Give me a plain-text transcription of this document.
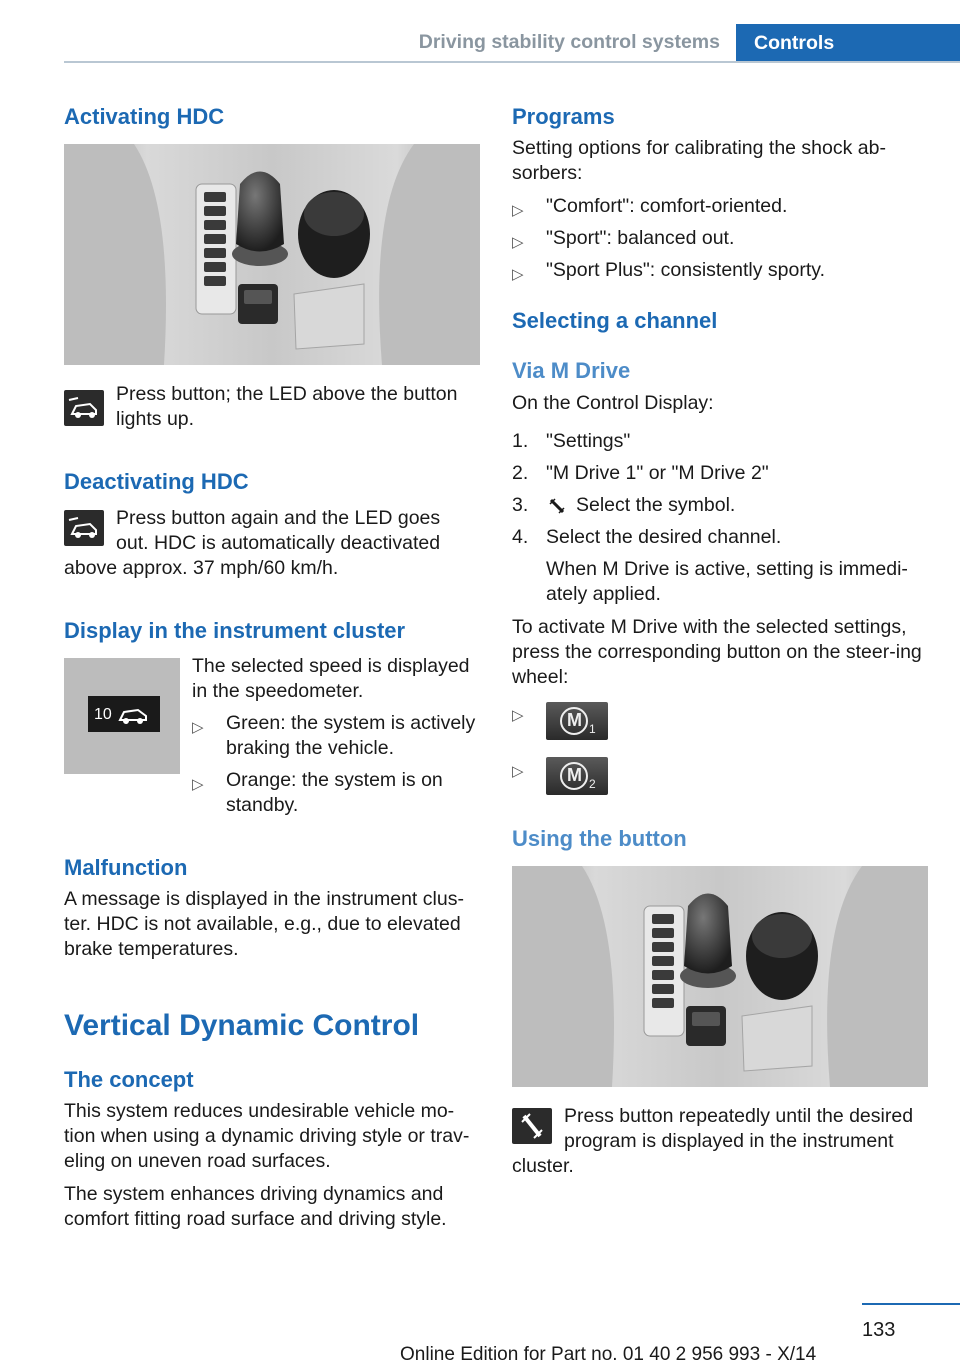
Driving stability control systems Controls
Activating HDC

Press button; the LED above the button lights up.

Deactivating HDC

Press button again and the LED goes

out. HDC is automatically deactivated

above approx. 37 mph/60 km/h.

Display in the instrument cluster
10

The selected speed is displayed in the speedometer.

▷ Green: the system is actively braking the vehicle.

▷ Orange: the system is on standby.

Malfunction

A message is displayed in the instrument clus-ter. HDC is not available, e.g., due to elevated brake temperatures.

Vertical Dynamic Control
The concept

This system reduces undesirable vehicle mo-tion when using a dynamic driving style or trav-eling on uneven road surfaces.

The system enhances driving dynamics and comfort fitting road surface and driving style.

Programs

Setting options for calibrating the shock ab-sorbers:

▷ "Comfort": comfort-oriented.

▷ "Sport": balanced out.

▷ "Sport Plus": consistently sporty.

Selecting a channel
Via M Drive

On the Control Display:

1. "Settings"

2. "M Drive 1" or "M Drive 2"

3. Select the symbol.

4. Select the desired channel.

When M Drive is active, setting is immedi-ately applied.

To activate M Drive with the selected settings, press the corresponding button on the steer-ing wheel:

▷ M 1
▷ M 2
Using the button

Press button repeatedly until the desired

program is displayed in the instrument

cluster.

133
Online Edition for Part no. 01 40 2 956 993 - X/14
